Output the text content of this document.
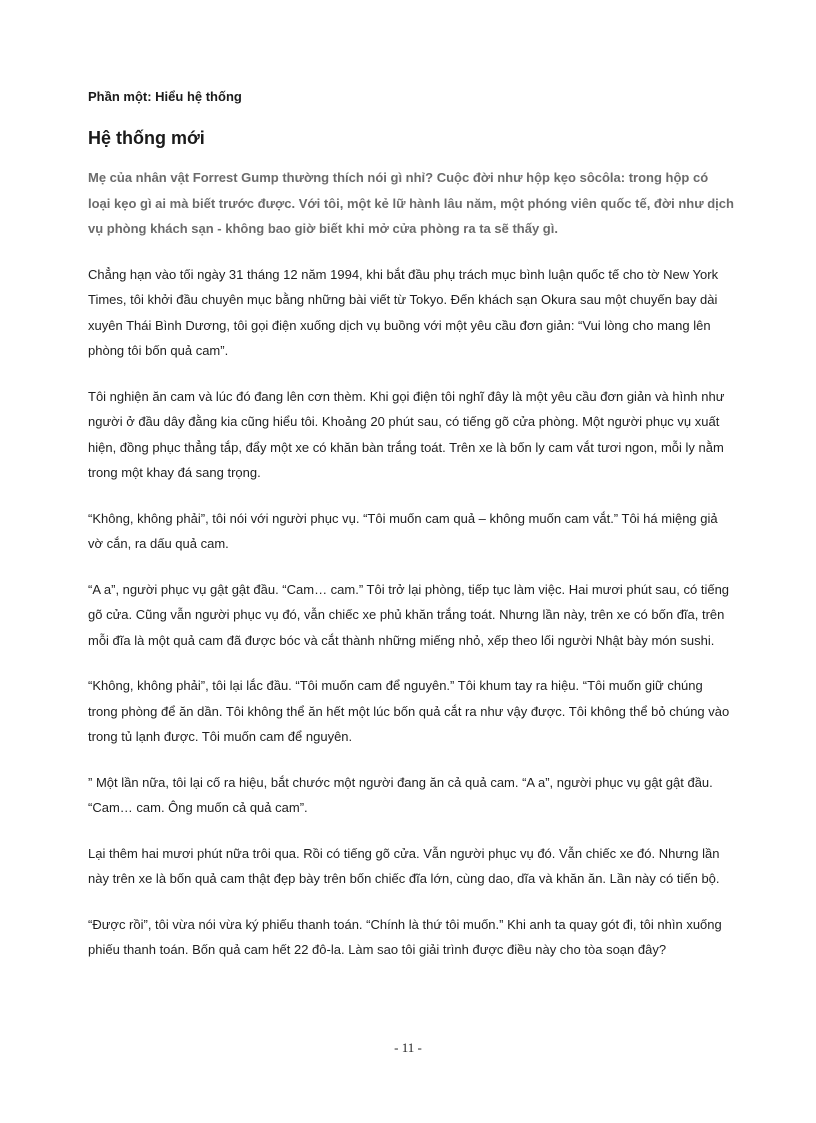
Phần một: Hiểu hệ thống

Hệ thống mới

Mẹ của nhân vật Forrest Gump thường thích nói gì nhỉ? Cuộc đời như hộp kẹo sôcôla: trong hộp có loại kẹo gì ai mà biết trước được. Với tôi, một kẻ lữ hành lâu năm, một phóng viên quốc tế, đời như dịch vụ phòng khách sạn - không bao giờ biết khi mở cửa phòng ra ta sẽ thấy gì.

Chẳng hạn vào tối ngày 31 tháng 12 năm 1994, khi bắt đầu phụ trách mục bình luận quốc tế cho tờ New York Times, tôi khởi đầu chuyên mục bằng những bài viết từ Tokyo. Đến khách sạn Okura sau một chuyến bay dài xuyên Thái Bình Dương, tôi gọi điện xuống dịch vụ buồng với một yêu cầu đơn giản: “Vui lòng cho mang lên phòng tôi bốn quả cam”.

Tôi nghiện ăn cam và lúc đó đang lên cơn thèm. Khi gọi điện tôi nghĩ đây là một yêu cầu đơn giản và hình như người ở đầu dây đằng kia cũng hiểu tôi. Khoảng 20 phút sau, có tiếng gõ cửa phòng. Một người phục vụ xuất hiện, đồng phục thẳng tắp, đẩy một xe có khăn bàn trắng toát. Trên xe là bốn ly cam vắt tươi ngon, mỗi ly nằm trong một khay đá sang trọng.

“Không, không phải”, tôi nói với người phục vụ. “Tôi muốn cam quả – không muốn cam vắt.” Tôi há miệng giả vờ cắn, ra dấu quả cam.

“A a”, người phục vụ gật gật đầu. “Cam… cam.” Tôi trở lại phòng, tiếp tục làm việc. Hai mươi phút sau, có tiếng gõ cửa. Cũng vẫn người phục vụ đó, vẫn chiếc xe phủ khăn trắng toát. Nhưng lần này, trên xe có bốn đĩa, trên mỗi đĩa là một quả cam đã được bóc và cắt thành những miếng nhỏ, xếp theo lối người Nhật bày món sushi.

“Không, không phải”, tôi lại lắc đầu. “Tôi muốn cam để nguyên.” Tôi khum tay ra hiệu. “Tôi muốn giữ chúng trong phòng để ăn dần. Tôi không thể ăn hết một lúc bốn quả cắt ra như vậy được. Tôi không thể bỏ chúng vào trong tủ lạnh được. Tôi muốn cam để nguyên.

” Một lần nữa, tôi lại cố ra hiệu, bắt chước một người đang ăn cả quả cam. “A a”, người phục vụ gật gật đầu. “Cam… cam. Ông muốn cả quả cam”.

Lại thêm hai mươi phút nữa trôi qua. Rồi có tiếng gõ cửa. Vẫn người phục vụ đó. Vẫn chiếc xe đó. Nhưng lần này trên xe là bốn quả cam thật đẹp bày trên bốn chiếc đĩa lớn, cùng dao, dĩa và khăn ăn. Lần này có tiến bộ.

“Được rồi”, tôi vừa nói vừa ký phiếu thanh toán. “Chính là thứ tôi muốn.” Khi anh ta quay gót đi, tôi nhìn xuống phiếu thanh toán. Bốn quả cam hết 22 đô-la. Làm sao tôi giải trình được điều này cho tòa soạn đây?

- 11 -
